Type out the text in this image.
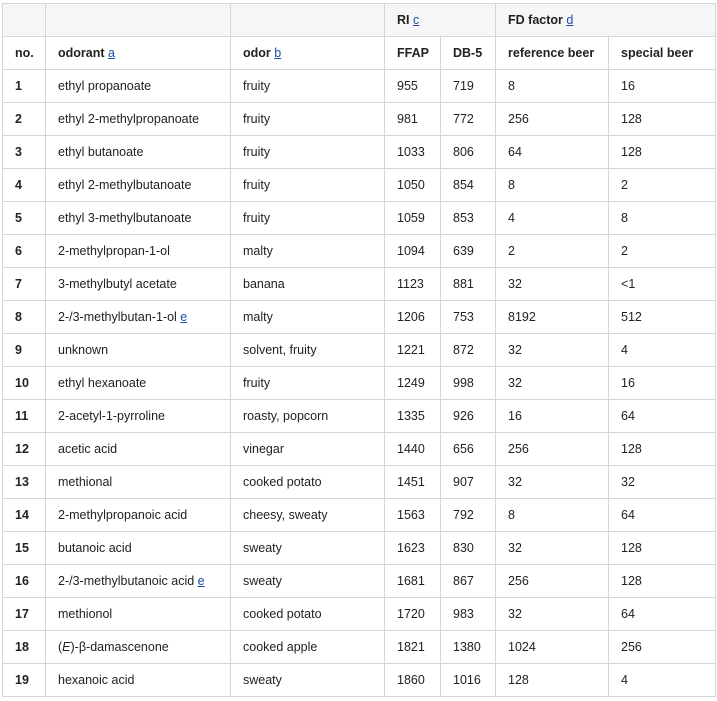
			RI c		FD factor d	
no.	odorant a	odor b	FFAP	DB-5	reference beer	special beer
1	ethyl propanoate	fruity	955	719	8	16
2	ethyl 2-methylpropanoate	fruity	981	772	256	128
3	ethyl butanoate	fruity	1033	806	64	128
4	ethyl 2-methylbutanoate	fruity	1050	854	8	2
5	ethyl 3-methylbutanoate	fruity	1059	853	4	8
6	2-methylpropan-1-ol	malty	1094	639	2	2
7	3-methylbutyl acetate	banana	1123	881	32	<1
8	2-/3-methylbutan-1-ol e	malty	1206	753	8192	512
9	unknown	solvent, fruity	1221	872	32	4
10	ethyl hexanoate	fruity	1249	998	32	16
11	2-acetyl-1-pyrroline	roasty, popcorn	1335	926	16	64
12	acetic acid	vinegar	1440	656	256	128
13	methional	cooked potato	1451	907	32	32
14	2-methylpropanoic acid	cheesy, sweaty	1563	792	8	64
15	butanoic acid	sweaty	1623	830	32	128
16	2-/3-methylbutanoic acid e	sweaty	1681	867	256	128
17	methionol	cooked potato	1720	983	32	64
18	(E)-β-damascenone	cooked apple	1821	1380	1024	256
19	hexanoic acid	sweaty	1860	1016	128	4
